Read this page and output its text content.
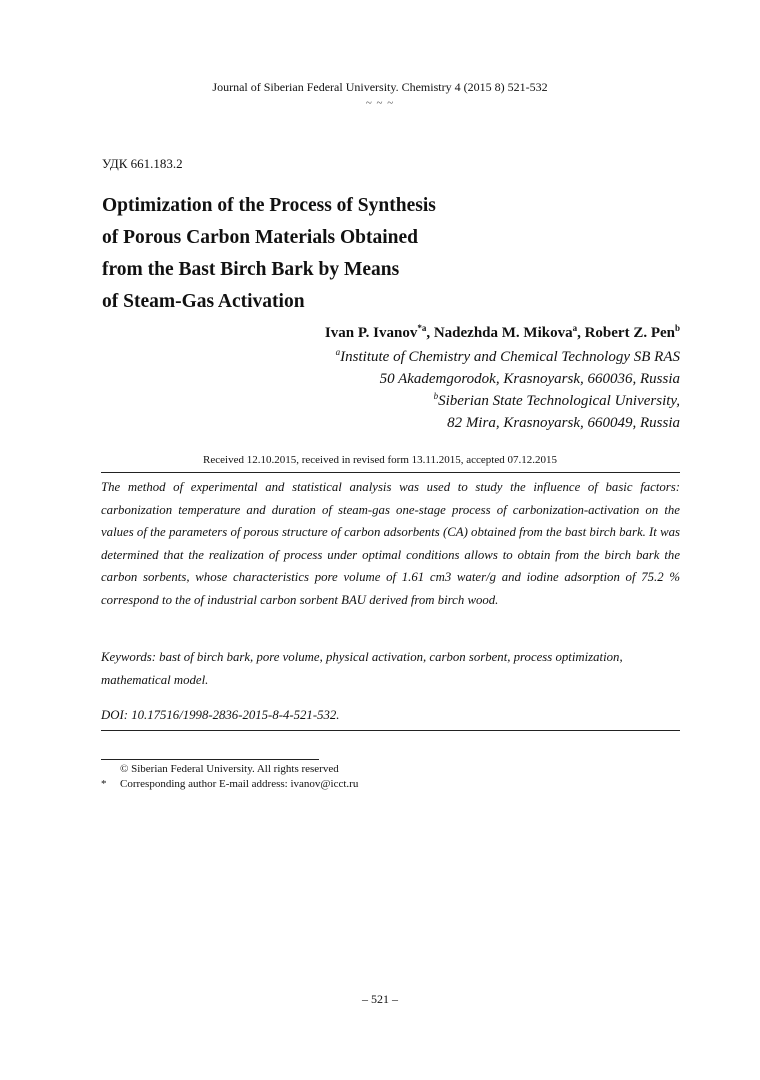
Journal of Siberian Federal University. Chemistry 4 (2015 8) 521-532
~ ~ ~
УДК 661.183.2
Optimization of the Process of Synthesis
of Porous Carbon Materials Obtained
from the Bast Birch Bark by Means
of Steam-Gas Activation
Ivan P. Ivanov$^{*a}$, Nadezhda M. Mikova$^a$, Robert Z. Pen$^b$
$^a$Institute of Chemistry and Chemical Technology SB RAS
50 Akademgorodok, Krasnoyarsk, 660036, Russia
$^b$Siberian State Technological University,
82 Mira, Krasnoyarsk, 660049, Russia
Received 12.10.2015, received in revised form 13.11.2015, accepted 07.12.2015
The method of experimental and statistical analysis was used to study the influence of basic factors: carbonization temperature and duration of steam-gas one-stage process of carbonization-activation on the values of the parameters of porous structure of carbon adsorbents (CA) obtained from the bast birch bark. It was determined that the realization of process under optimal conditions allows to obtain from the birch bark the carbon sorbents, whose characteristics pore volume of 1.61 cm3 water/g and iodine adsorption of 75.2 % correspond to the of industrial carbon sorbent BAU derived from birch wood.
Keywords: bast of birch bark, pore volume, physical activation, carbon sorbent, process optimization, mathematical model.
DOI: 10.17516/1998-2836-2015-8-4-521-532.
© Siberian Federal University. All rights reserved
* Corresponding author E-mail address: ivanov@icct.ru
– 521 –
